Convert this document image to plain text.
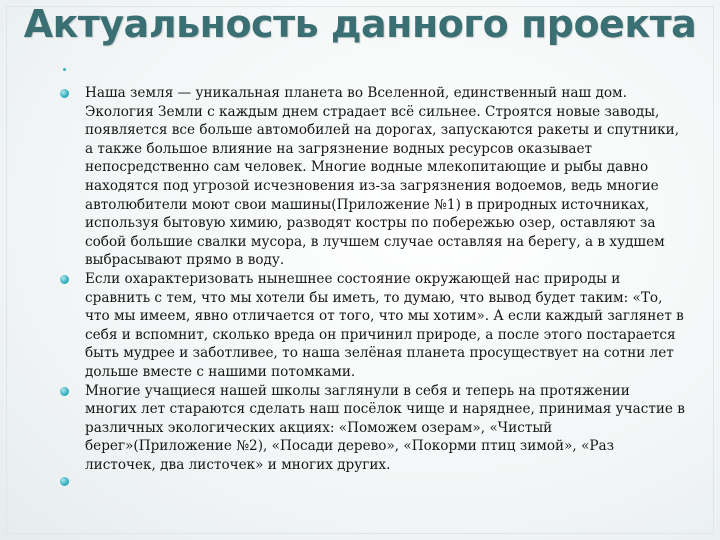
Актуальность данного проекта

Наша земля — уникальная планета во Вселенной, единственный наш дом. Экология Земли с каждым днем страдает всё сильнее. Строятся новые заводы, появляется все больше автомобилей на дорогах, запускаются ракеты и спутники, а также большое влияние на загрязнение водных ресурсов оказывает непосредственно сам человек. Многие водные млекопитающие и рыбы давно находятся под угрозой исчезновения из-за загрязнения водоемов, ведь многие автолюбители моют свои машины(Приложение №1) в природных источниках, используя бытовую химию, разводят костры по побережью озер, оставляют за собой большие свалки мусора, в лучшем случае оставляя на берегу, а в худшем выбрасывают прямо в воду.

Если охарактеризовать нынешнее состояние окружающей нас природы и сравнить с тем, что мы хотели бы иметь, то думаю, что вывод будет таким: «То, что мы имеем, явно отличается от того, что мы хотим». А если каждый заглянет в себя и вспомнит, сколько вреда он причинил природе, а после этого постарается быть мудрее и заботливее, то наша зелёная планета просуществует на сотни лет дольше вместе с нашими потомками.

Многие учащиеся нашей школы заглянули в себя и теперь на протяжении многих лет стараются сделать наш посёлок чище и наряднее, принимая участие в различных экологических акциях: «Поможем озерам», «Чистый берег»(Приложение №2), «Посади дерево», «Покорми птиц зимой», «Раз листочек, два листочек» и многих других.
